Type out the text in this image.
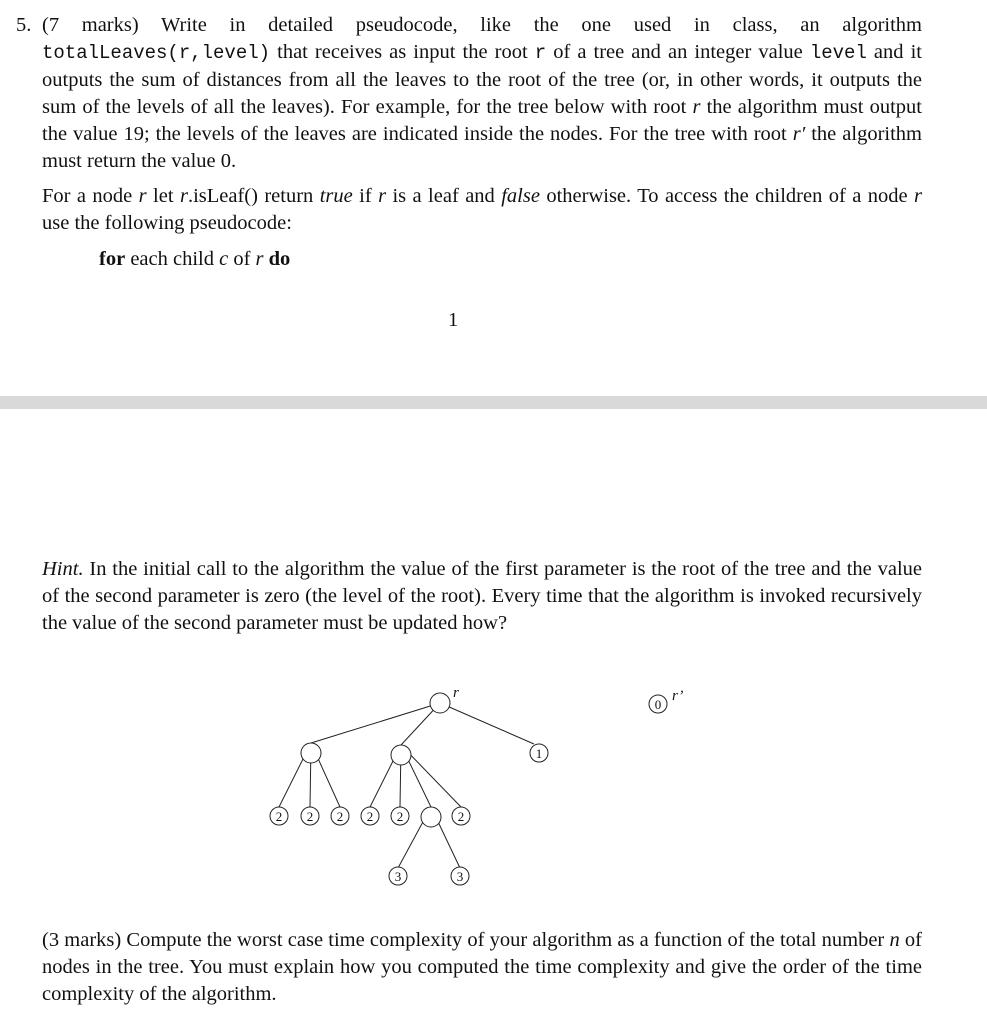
5. (7 marks) Write in detailed pseudocode, like the one used in class, an algorithm totalLeaves(r,level) that receives as input the root r of a tree and an integer value level and it outputs the sum of distances from all the leaves to the root of the tree (or, in other words, it outputs the sum of the levels of all the leaves). For example, for the tree below with root r the algorithm must output the value 19; the levels of the leaves are indicated inside the nodes. For the tree with root r′ the algorithm must return the value 0.
For a node r let r.isLeaf() return true if r is a leaf and false otherwise. To access the children of a node r use the following pseudocode:
for each child c of r do
1
Hint. In the initial call to the algorithm the value of the first parameter is the root of the tree and the value of the second parameter is zero (the level of the root). Every time that the algorithm is invoked recursively the value of the second parameter must be updated how?
1
2 2 2 2 2	2
3	3
0
r	r’
(3 marks) Compute the worst case time complexity of your algorithm as a function of the total number n of nodes in the tree. You must explain how you computed the time complexity and give the order of the time complexity of the algorithm.
